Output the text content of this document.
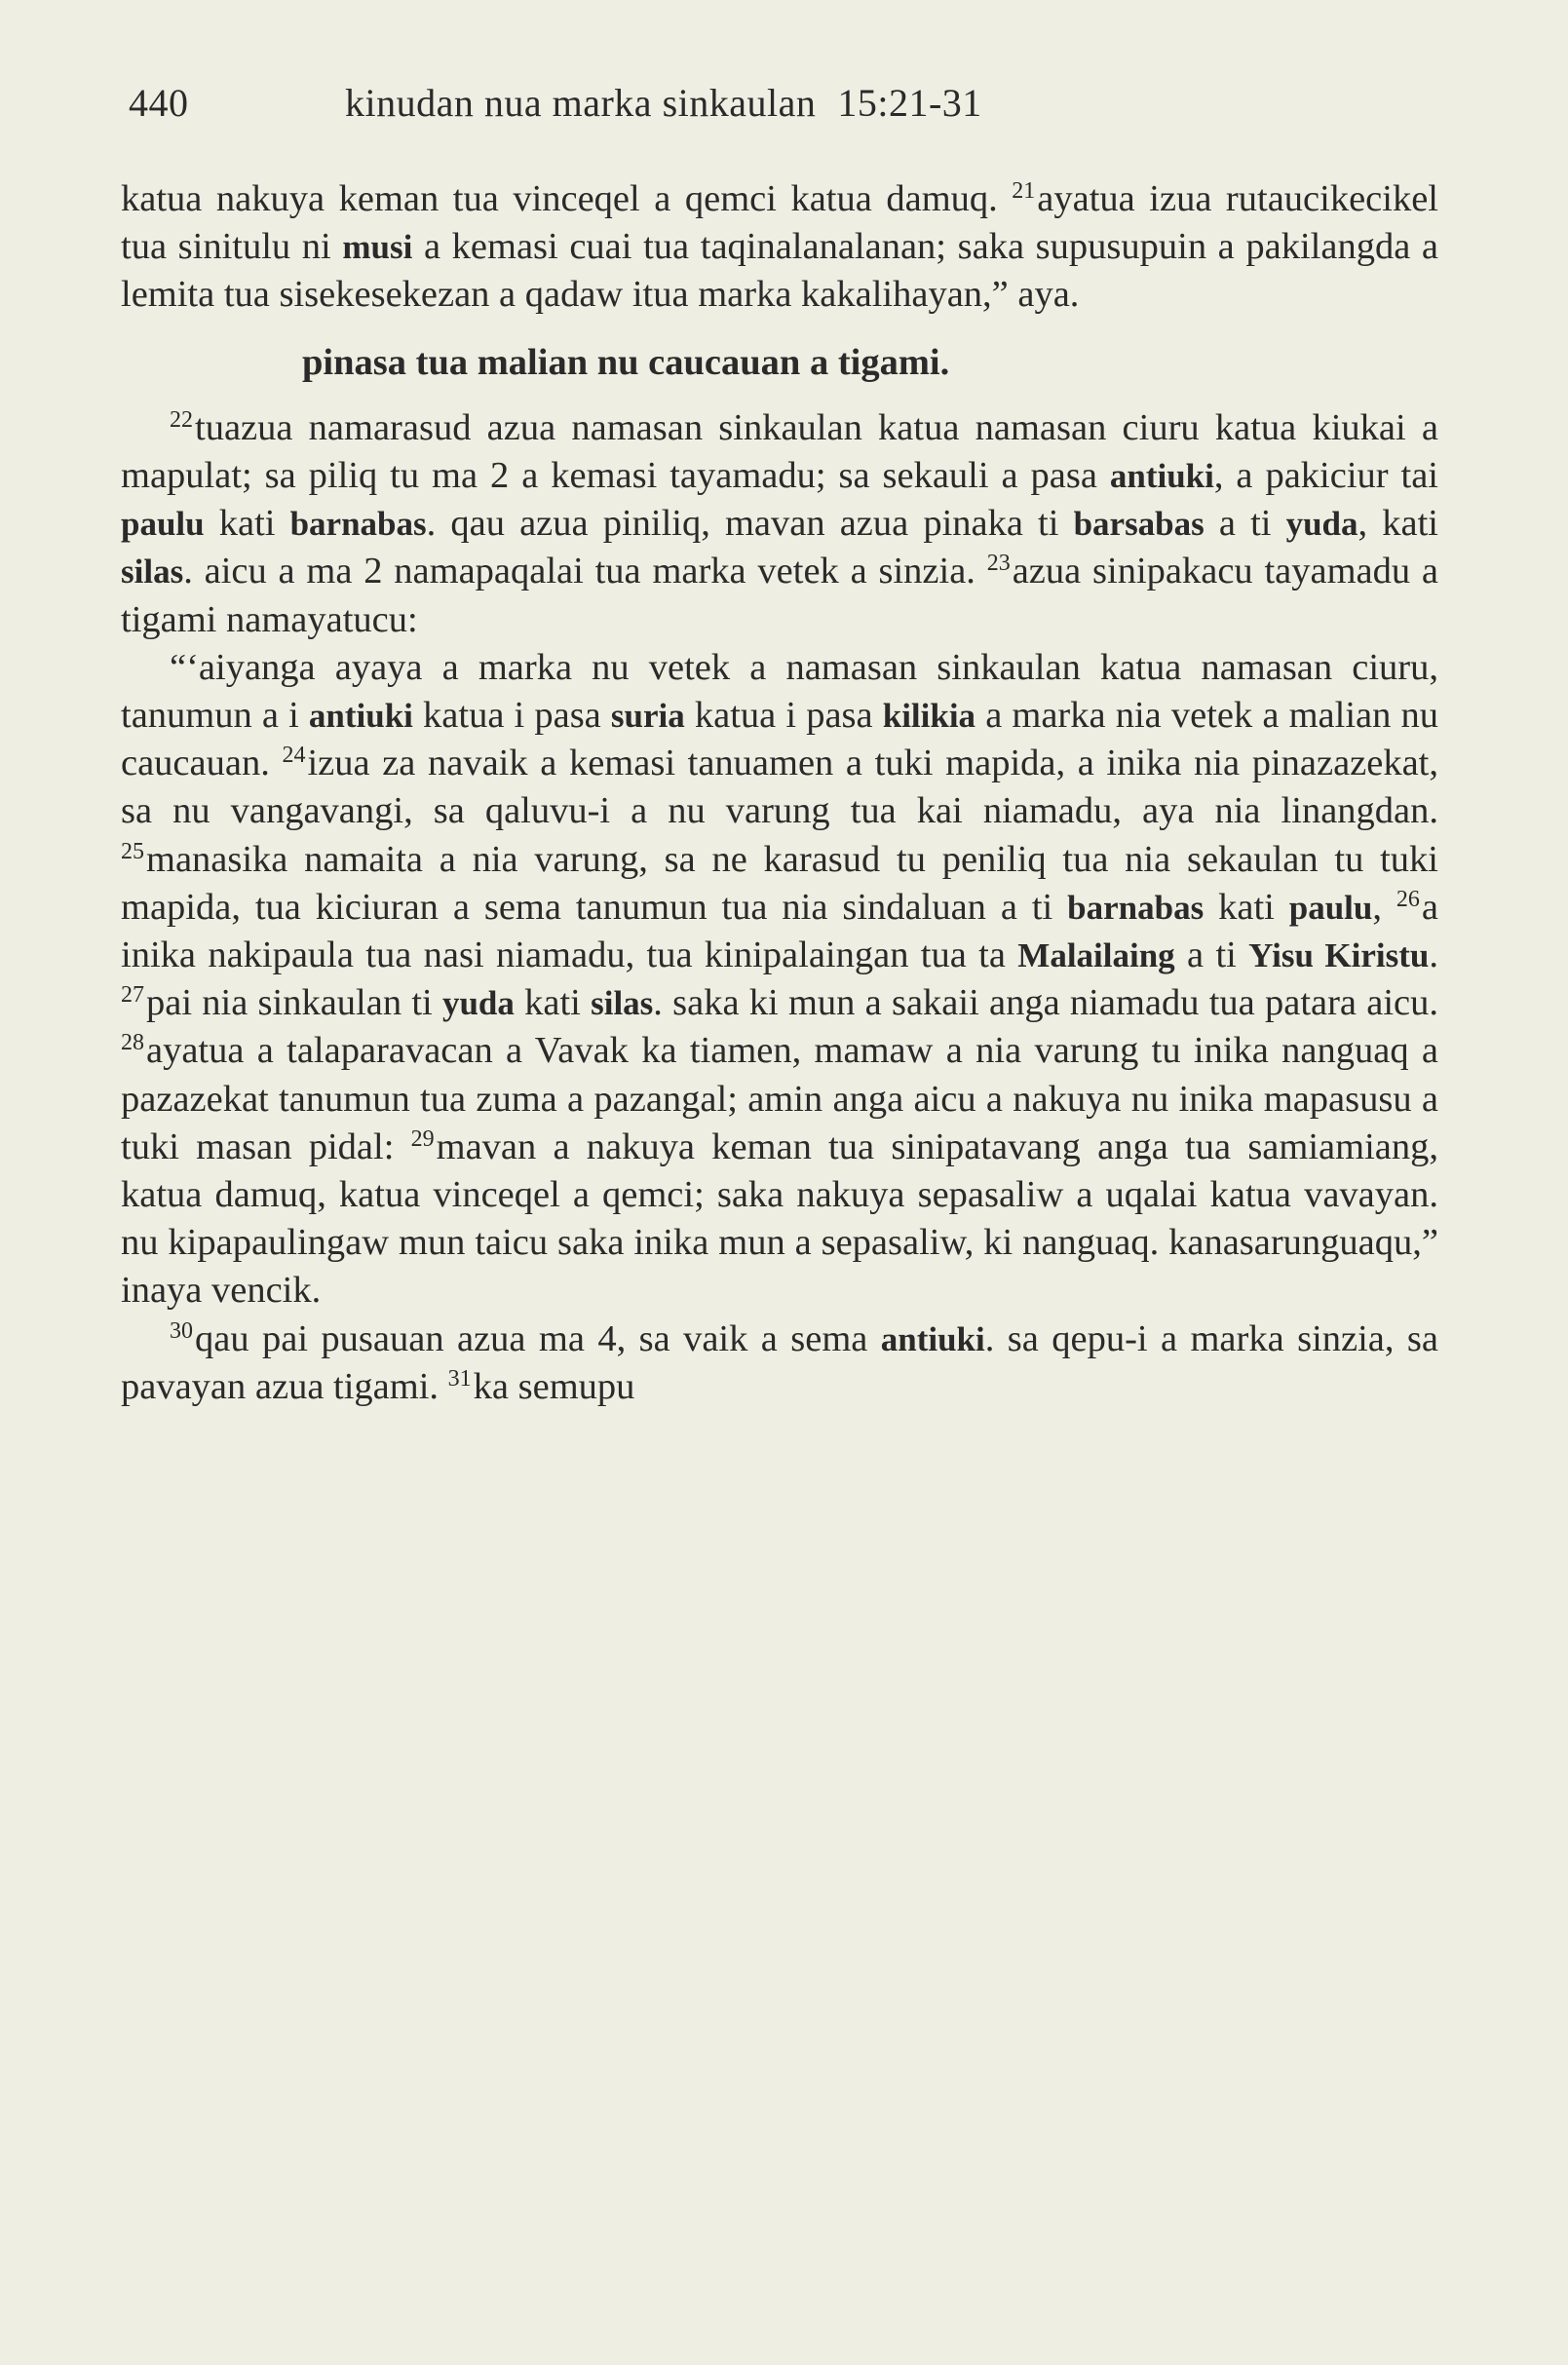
440	kinudan nua marka sinkaulan 15:21-31

katua nakuya keman tua vinceqel a qemci katua damuq. $^{21}$ayatua izua rutaucikecikel tua sinitulu ni musi a kemasi cuai tua taqinalanalanan; saka supusupuin a pakilangda a lemita tua sisekesekezan a qadaw itua marka kakalihayan,” aya.

pinasa tua malian nu caucauan a tigami.

$^{22}$tuazua namarasud azua namasan sinkaulan katua namasan ciuru katua kiukai a mapulat; sa piliq tu ma 2 a kemasi tayamadu; sa sekauli a pasa antiuki, a pakiciur tai paulu kati barnabas. qau azua piniliq, mavan azua pinaka ti barsabas a ti yuda, kati silas. aicu a ma 2 namapaqalai tua marka vetek a sinzia. $^{23}$azua sinipakacu tayamadu a tigami namayatucu:

“‘aiyanga ayaya a marka nu vetek a namasan sinkaulan katua namasan ciuru, tanumun a i antiuki katua i pasa suria katua i pasa kilikia a marka nia vetek a malian nu caucauan. $^{24}$izua za navaik a kemasi tanuamen a tuki mapida, a inika nia pinazazekat, sa nu vangavangi, sa qaluvu-i a nu varung tua kai niamadu, aya nia linangdan. $^{25}$manasika namaita a nia varung, sa ne karasud tu peniliq tua nia sekaulan tu tuki mapida, tua kiciuran a sema tanumun tua nia sindaluan a ti barnabas kati paulu, $^{26}$a inika nakipaula tua nasi niamadu, tua kinipalaingan tua ta Malailaing a ti Yisu Kiristu. $^{27}$pai nia sinkaulan ti yuda kati silas. saka ki mun a sakaii anga niamadu tua patara aicu. $^{28}$ayatua a talaparavacan a Vavak ka tiamen, mamaw a nia varung tu inika nanguaq a pazazekat tanumun tua zuma a pazangal; amin anga aicu a nakuya nu inika mapasusu a tuki masan pidal: $^{29}$mavan a nakuya keman tua sinipatavang anga tua samiamiang, katua damuq, katua vinceqel a qemci; saka nakuya sepasaliw a uqalai katua vavayan. nu kipapaulingaw mun taicu saka inika mun a sepasaliw, ki nanguaq. kanasarunguaqu,” inaya vencik.

$^{30}$qau pai pusauan azua ma 4, sa vaik a sema antiuki. sa qepu-i a marka sinzia, sa pavayan azua tigami. $^{31}$ka semupu
